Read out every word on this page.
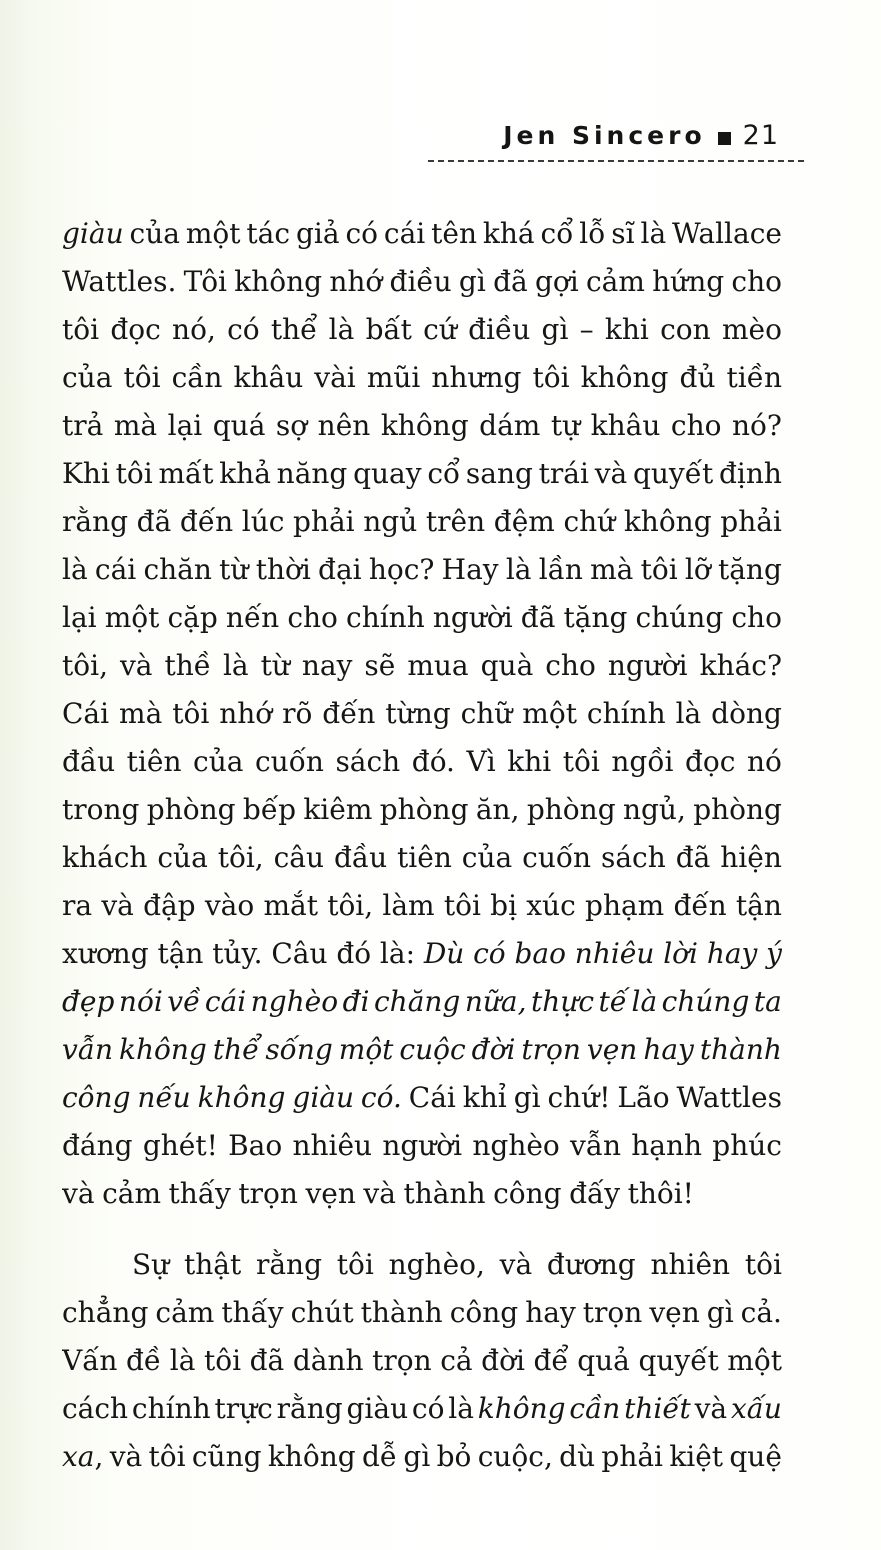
Jen Sincero 21
giàu của một tác giả có cái tên khá cổ lỗ sĩ là Wallace
Wattles. Tôi không nhớ điều gì đã gợi cảm hứng cho
tôi đọc nó, có thể là bất cứ điều gì – khi con mèo
của tôi cần khâu vài mũi nhưng tôi không đủ tiền
trả mà lại quá sợ nên không dám tự khâu cho nó?
Khi tôi mất khả năng quay cổ sang trái và quyết định
rằng đã đến lúc phải ngủ trên đệm chứ không phải
là cái chăn từ thời đại học? Hay là lần mà tôi lỡ tặng
lại một cặp nến cho chính người đã tặng chúng cho
tôi, và thề là từ nay sẽ mua quà cho người khác?
Cái mà tôi nhớ rõ đến từng chữ một chính là dòng
đầu tiên của cuốn sách đó. Vì khi tôi ngồi đọc nó
trong phòng bếp kiêm phòng ăn, phòng ngủ, phòng
khách của tôi, câu đầu tiên của cuốn sách đã hiện
ra và đập vào mắt tôi, làm tôi bị xúc phạm đến tận
xương tận tủy. Câu đó là: Dù có bao nhiêu lời hay ý
đẹp nói về cái nghèo đi chăng nữa, thực tế là chúng ta
vẫn không thể sống một cuộc đời trọn vẹn hay thành
công nếu không giàu có. Cái khỉ gì chứ! Lão Wattles
đáng ghét! Bao nhiêu người nghèo vẫn hạnh phúc
và cảm thấy trọn vẹn và thành công đấy thôi!
Sự thật rằng tôi nghèo, và đương nhiên tôi
chẳng cảm thấy chút thành công hay trọn vẹn gì cả.
Vấn đề là tôi đã dành trọn cả đời để quả quyết một
cách chính trực rằng giàu có là không cần thiết và xấu
xa, và tôi cũng không dễ gì bỏ cuộc, dù phải kiệt quệ
